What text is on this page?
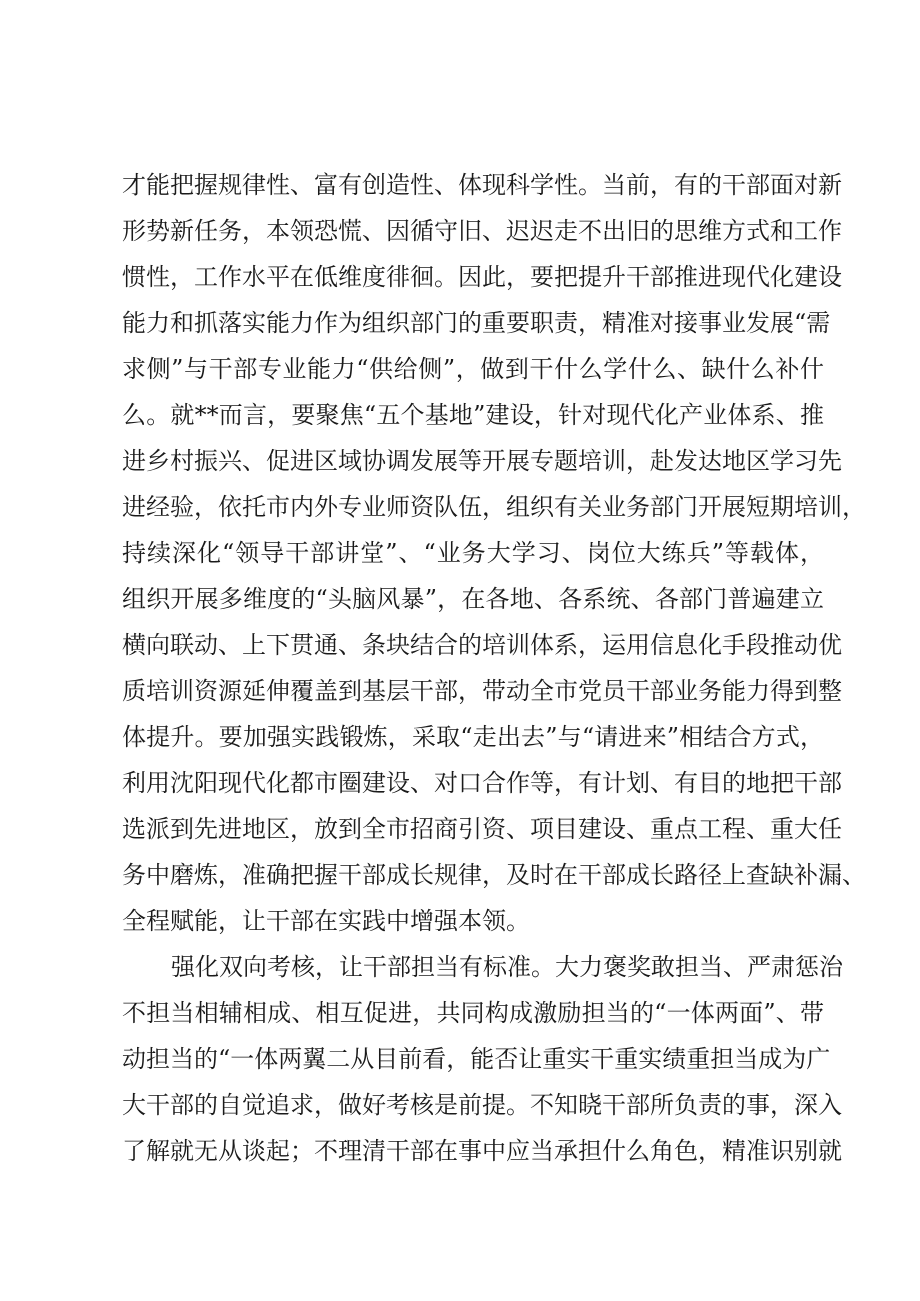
才能把握规律性、富有创造性、体现科学性。当前，有的干部面对新
形势新任务，本领恐慌、因循守旧、迟迟走不出旧的思维方式和工作
惯性，工作水平在低维度徘徊。因此，要把提升干部推进现代化建设
能力和抓落实能力作为组织部门的重要职责，精准对接事业发展“需
求侧”与干部专业能力“供给侧”，做到干什么学什么、缺什么补什
么。就**而言，要聚焦“五个基地”建设，针对现代化产业体系、推
进乡村振兴、促进区域协调发展等开展专题培训，赴发达地区学习先
进经验，依托市内外专业师资队伍，组织有关业务部门开展短期培训，
持续深化“领导干部讲堂”、“业务大学习、岗位大练兵”等载体，
组织开展多维度的“头脑风暴”，在各地、各系统、各部门普遍建立
横向联动、上下贯通、条块结合的培训体系，运用信息化手段推动优
质培训资源延伸覆盖到基层干部，带动全市党员干部业务能力得到整
体提升。要加强实践锻炼，采取“走出去”与“请进来”相结合方式，
利用沈阳现代化都市圈建设、对口合作等，有计划、有目的地把干部
选派到先进地区，放到全市招商引资、项目建设、重点工程、重大任
务中磨炼，准确把握干部成长规律，及时在干部成长路径上查缺补漏、
全程赋能，让干部在实践中增强本领。
强化双向考核，让干部担当有标准。大力褒奖敢担当、严肃惩治
不担当相辅相成、相互促进，共同构成激励担当的“一体两面”、带
动担当的“一体两翼二从目前看，能否让重实干重实绩重担当成为广
大干部的自觉追求，做好考核是前提。不知晓干部所负责的事，深入
了解就无从谈起；不理清干部在事中应当承担什么角色，精准识别就
